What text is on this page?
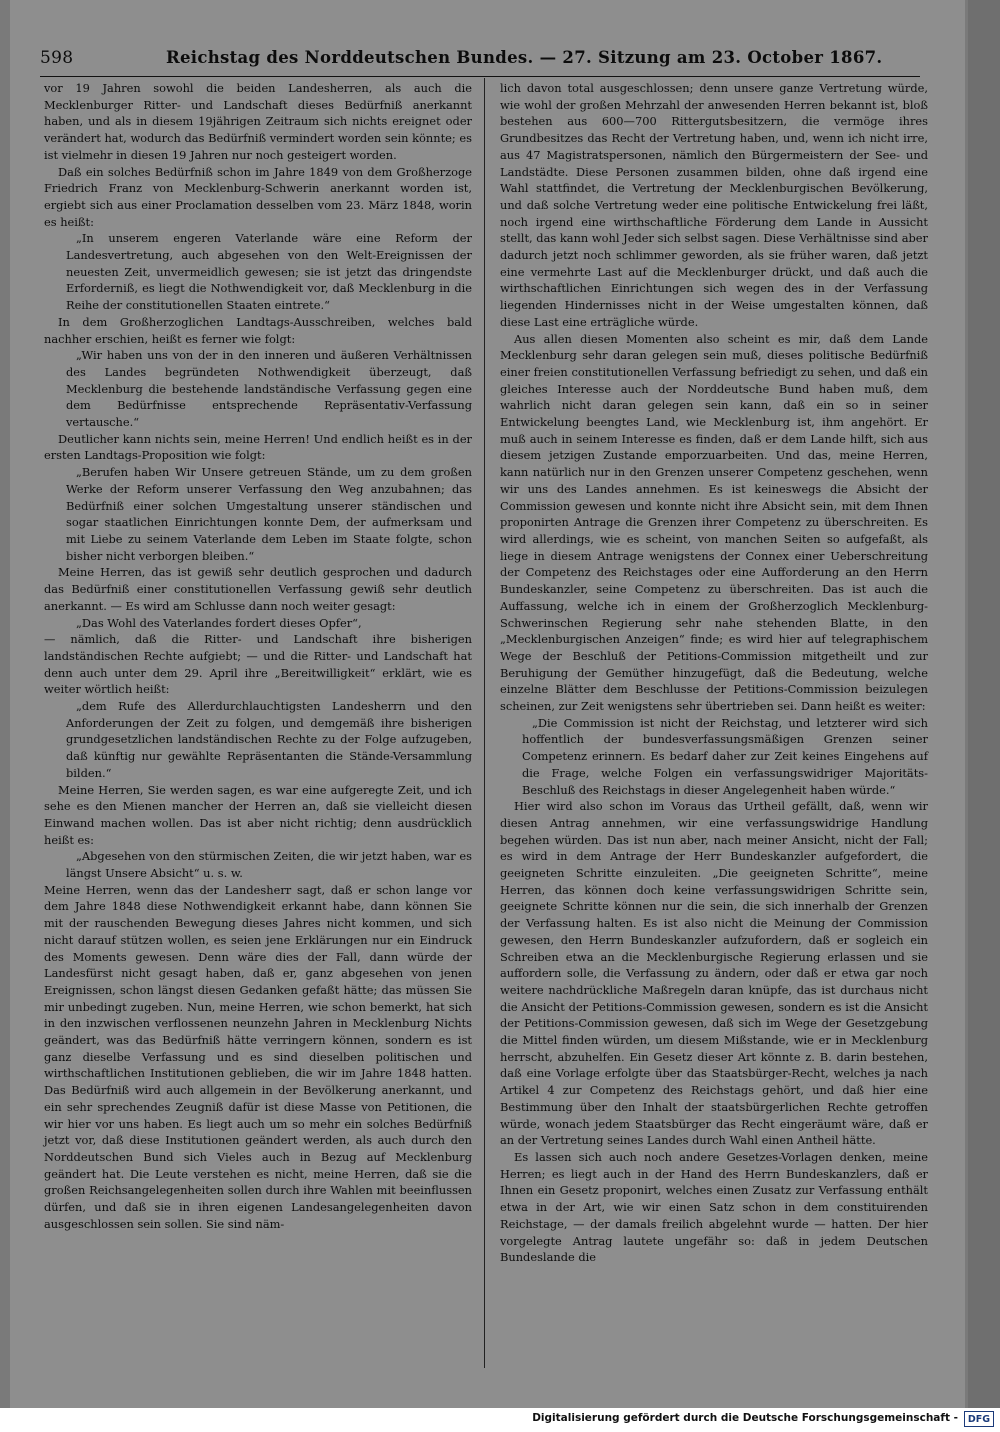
598	Reichstag des Norddeutschen Bundes. — 27. Sitzung am 23. October 1867.

vor 19 Jahren sowohl die beiden Landesherren, als auch die Mecklenburger Ritter- und Landschaft dieses Bedürfniß anerkannt haben, und als in diesem 19jährigen Zeitraum sich nichts ereignet oder verändert hat, wodurch das Bedürfniß vermindert worden sein könnte; es ist vielmehr in diesen 19 Jahren nur noch gesteigert worden.

Daß ein solches Bedürfniß schon im Jahre 1849 von dem Großherzoge Friedrich Franz von Mecklenburg-Schwerin anerkannt worden ist, ergiebt sich aus einer Proclamation desselben vom 23. März 1848, worin es heißt:

„In unserem engeren Vaterlande wäre eine Reform der Landesvertretung, auch abgesehen von den Welt-Ereignissen der neuesten Zeit, unvermeidlich gewesen; sie ist jetzt das dringendste Erforderniß, es liegt die Nothwendigkeit vor, daß Mecklenburg in die Reihe der constitutionellen Staaten eintrete.“

In dem Großherzoglichen Landtags-Ausschreiben, welches bald nachher erschien, heißt es ferner wie folgt:

„Wir haben uns von der in den inneren und äußeren Verhältnissen des Landes begründeten Nothwendigkeit überzeugt, daß Mecklenburg die bestehende landständische Verfassung gegen eine dem Bedürfnisse entsprechende Repräsentativ-Verfassung vertausche.“

Deutlicher kann nichts sein, meine Herren! Und endlich heißt es in der ersten Landtags-Proposition wie folgt:

„Berufen haben Wir Unsere getreuen Stände, um zu dem großen Werke der Reform unserer Verfassung den Weg anzubahnen; das Bedürfniß einer solchen Umgestaltung unserer ständischen und sogar staatlichen Einrichtungen konnte Dem, der aufmerksam und mit Liebe zu seinem Vaterlande dem Leben im Staate folgte, schon bisher nicht verborgen bleiben.“

Meine Herren, das ist gewiß sehr deutlich gesprochen und dadurch das Bedürfniß einer constitutionellen Verfassung gewiß sehr deutlich anerkannt. — Es wird am Schlusse dann noch weiter gesagt:

„Das Wohl des Vaterlandes fordert dieses Opfer“,

— nämlich, daß die Ritter- und Landschaft ihre bisherigen landständischen Rechte aufgiebt; — und die Ritter- und Landschaft hat denn auch unter dem 29. April ihre „Bereitwilligkeit“ erklärt, wie es weiter wörtlich heißt:

„dem Rufe des Allerdurchlauchtigsten Landesherrn und den Anforderungen der Zeit zu folgen, und demgemäß ihre bisherigen grundgesetzlichen landständischen Rechte zu der Folge aufzugeben, daß künftig nur gewählte Repräsentanten die Stände-Versammlung bilden.“

Meine Herren, Sie werden sagen, es war eine aufgeregte Zeit, und ich sehe es den Mienen mancher der Herren an, daß sie vielleicht diesen Einwand machen wollen. Das ist aber nicht richtig; denn ausdrücklich heißt es:

„Abgesehen von den stürmischen Zeiten, die wir jetzt haben, war es längst Unsere Absicht“ u. s. w.

Meine Herren, wenn das der Landesherr sagt, daß er schon lange vor dem Jahre 1848 diese Nothwendigkeit erkannt habe, dann können Sie mit der rauschenden Bewegung dieses Jahres nicht kommen, und sich nicht darauf stützen wollen, es seien jene Erklärungen nur ein Eindruck des Moments gewesen. Denn wäre dies der Fall, dann würde der Landesfürst nicht gesagt haben, daß er, ganz abgesehen von jenen Ereignissen, schon längst diesen Gedanken gefaßt hätte; das müssen Sie mir unbedingt zugeben. Nun, meine Herren, wie schon bemerkt, hat sich in den inzwischen verflossenen neunzehn Jahren in Mecklenburg Nichts geändert, was das Bedürfniß hätte verringern können, sondern es ist ganz dieselbe Verfassung und es sind dieselben politischen und wirthschaftlichen Institutionen geblieben, die wir im Jahre 1848 hatten. Das Bedürfniß wird auch allgemein in der Bevölkerung anerkannt, und ein sehr sprechendes Zeugniß dafür ist diese Masse von Petitionen, die wir hier vor uns haben. Es liegt auch um so mehr ein solches Bedürfniß jetzt vor, daß diese Institutionen geändert werden, als auch durch den Norddeutschen Bund sich Vieles auch in Bezug auf Mecklenburg geändert hat. Die Leute verstehen es nicht, meine Herren, daß sie die großen Reichsangelegenheiten sollen durch ihre Wahlen mit beeinflussen dürfen, und daß sie in ihren eigenen Landesangelegenheiten davon ausgeschlossen sein sollen. Sie sind näm-

lich davon total ausgeschlossen; denn unsere ganze Vertretung würde, wie wohl der großen Mehrzahl der anwesenden Herren bekannt ist, bloß bestehen aus 600—700 Rittergutsbesitzern, die vermöge ihres Grundbesitzes das Recht der Vertretung haben, und, wenn ich nicht irre, aus 47 Magistratspersonen, nämlich den Bürgermeistern der See- und Landstädte. Diese Personen zusammen bilden, ohne daß irgend eine Wahl stattfindet, die Vertretung der Mecklenburgischen Bevölkerung, und daß solche Vertretung weder eine politische Entwickelung frei läßt, noch irgend eine wirthschaftliche Förderung dem Lande in Aussicht stellt, das kann wohl Jeder sich selbst sagen. Diese Verhältnisse sind aber dadurch jetzt noch schlimmer geworden, als sie früher waren, daß jetzt eine vermehrte Last auf die Mecklenburger drückt, und daß auch die wirthschaftlichen Einrichtungen sich wegen des in der Verfassung liegenden Hindernisses nicht in der Weise umgestalten können, daß diese Last eine erträgliche würde.

Aus allen diesen Momenten also scheint es mir, daß dem Lande Mecklenburg sehr daran gelegen sein muß, dieses politische Bedürfniß einer freien constitutionellen Verfassung befriedigt zu sehen, und daß ein gleiches Interesse auch der Norddeutsche Bund haben muß, dem wahrlich nicht daran gelegen sein kann, daß ein so in seiner Entwickelung beengtes Land, wie Mecklenburg ist, ihm angehört. Er muß auch in seinem Interesse es finden, daß er dem Lande hilft, sich aus diesem jetzigen Zustande emporzuarbeiten. Und das, meine Herren, kann natürlich nur in den Grenzen unserer Competenz geschehen, wenn wir uns des Landes annehmen. Es ist keineswegs die Absicht der Commission gewesen und konnte nicht ihre Absicht sein, mit dem Ihnen proponirten Antrage die Grenzen ihrer Competenz zu überschreiten. Es wird allerdings, wie es scheint, von manchen Seiten so aufgefaßt, als liege in diesem Antrage wenigstens der Connex einer Ueberschreitung der Competenz des Reichstages oder eine Aufforderung an den Herrn Bundeskanzler, seine Competenz zu überschreiten. Das ist auch die Auffassung, welche ich in einem der Großherzoglich Mecklenburg-Schwerinschen Regierung sehr nahe stehenden Blatte, in den „Mecklenburgischen Anzeigen“ finde; es wird hier auf telegraphischem Wege der Beschluß der Petitions-Commission mitgetheilt und zur Beruhigung der Gemüther hinzugefügt, daß die Bedeutung, welche einzelne Blätter dem Beschlusse der Petitions-Commission beizulegen scheinen, zur Zeit wenigstens sehr übertrieben sei. Dann heißt es weiter:

„Die Commission ist nicht der Reichstag, und letzterer wird sich hoffentlich der bundesverfassungsmäßigen Grenzen seiner Competenz erinnern. Es bedarf daher zur Zeit keines Eingehens auf die Frage, welche Folgen ein verfassungswidriger Majoritäts-Beschluß des Reichstags in dieser Angelegenheit haben würde.“

Hier wird also schon im Voraus das Urtheil gefällt, daß, wenn wir diesen Antrag annehmen, wir eine verfassungswidrige Handlung begehen würden. Das ist nun aber, nach meiner Ansicht, nicht der Fall; es wird in dem Antrage der Herr Bundeskanzler aufgefordert, die geeigneten Schritte einzuleiten. „Die geeigneten Schritte“, meine Herren, das können doch keine verfassungswidrigen Schritte sein, geeignete Schritte können nur die sein, die sich innerhalb der Grenzen der Verfassung halten. Es ist also nicht die Meinung der Commission gewesen, den Herrn Bundeskanzler aufzufordern, daß er sogleich ein Schreiben etwa an die Mecklenburgische Regierung erlassen und sie auffordern solle, die Verfassung zu ändern, oder daß er etwa gar noch weitere nachdrückliche Maßregeln daran knüpfe, das ist durchaus nicht die Ansicht der Petitions-Commission gewesen, sondern es ist die Ansicht der Petitions-Commission gewesen, daß sich im Wege der Gesetzgebung die Mittel finden würden, um diesem Mißstande, wie er in Mecklenburg herrscht, abzuhelfen. Ein Gesetz dieser Art könnte z. B. darin bestehen, daß eine Vorlage erfolgte über das Staatsbürger-Recht, welches ja nach Artikel 4 zur Competenz des Reichstags gehört, und daß hier eine Bestimmung über den Inhalt der staatsbürgerlichen Rechte getroffen würde, wonach jedem Staatsbürger das Recht eingeräumt wäre, daß er an der Vertretung seines Landes durch Wahl einen Antheil hätte.

Es lassen sich auch noch andere Gesetzes-Vorlagen denken, meine Herren; es liegt auch in der Hand des Herrn Bundeskanzlers, daß er Ihnen ein Gesetz proponirt, welches einen Zusatz zur Verfassung enthält etwa in der Art, wie wir einen Satz schon in dem constituirenden Reichstage, — der damals freilich abgelehnt wurde — hatten. Der hier vorgelegte Antrag lautete ungefähr so: daß in jedem Deutschen Bundeslande die

Digitalisierung gefördert durch die Deutsche Forschungsgemeinschaft -	DFG
